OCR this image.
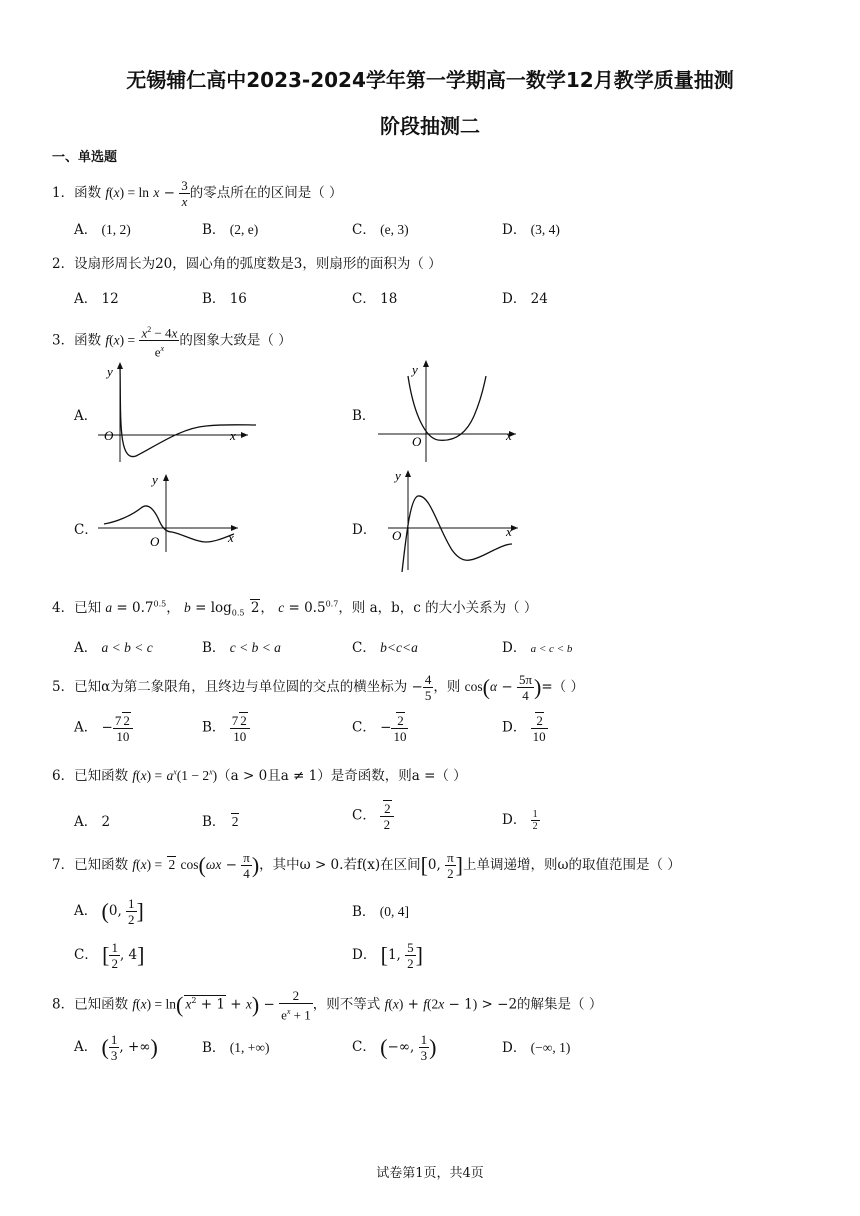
无锡辅仁高中2023-2024学年第一学期高一数学12月教学质量抽测
阶段抽测二
一、单选题
1．函数 $f(x) = \ln x - \frac{3}{x}$ 的零点所在的区间是（ ）
A． (1, 2)	B． (2, e)	C． (e, 3)	D． (3, 4)
2．设扇形周长为20，圆心角的弧度数是3，则扇形的面积为（ ）
A． 12	B． 16	C． 18	D． 24
3．函数 $f(x) = \frac{x^2 - 4x}{e^x}$ 的图象大致是（ ）
A．
y
x
O
B．
y
x
O
C．
y
x
O
D．
y
x
O
4．已知 $a = 0.7^{0.5}$， $b = \log_{0.5} 2$， $c = 0.5^{0.7}$，则 a，b，c 的大小关系为（ ）
A． a < b < c	B． c < b < a	C． b<c<a	D． a < c < b
5．已知α为第二象限角，且终边与单位圆的交点的横坐标为 − $\frac{4}{5}$ ，则 $\cos(\alpha - \frac{5\pi}{4}$ )=（ ）
A． − $\frac{7 2}{10}$	B． $\frac{7 2}{10}$	C． − $\frac{2}{10}$	D． $\frac{2}{10}$
6．已知函数 $f(x) = a^x(1 - 2^x)(a > 0$且a ≠ 1）是奇函数，则a =（ ）
A． 2	B． 2	C． $\frac{2}{2}$	D． $\frac{1}{2}$
7．已知函数 f(x) = 2 $\cos(\omega x - \frac{\pi}{4}$ )，其中ω > 0.若f(x)在区间[0, $\frac{\pi}{2}$ ]上单调递增，则ω的取值范围是（ ）
A． (0, $\frac{1}{2}$ ]	B． (0, 4]
C． [ $\frac{1}{2}$ , 4]	D． [1, $\frac{5}{2}$ ]
8．已知函数 f(x) = ln( $x^2 + 1 + x) - \frac{2}{e^x + 1}$ ，则不等式 f(x) + f(2x − 1) > −2的解集是（ ）
A． ( $\frac{1}{3}$ , +∞)	B． (1, +∞)	C． (−∞, $\frac{1}{3}$ )	D． (−∞, 1)
试卷第1页，共4页
